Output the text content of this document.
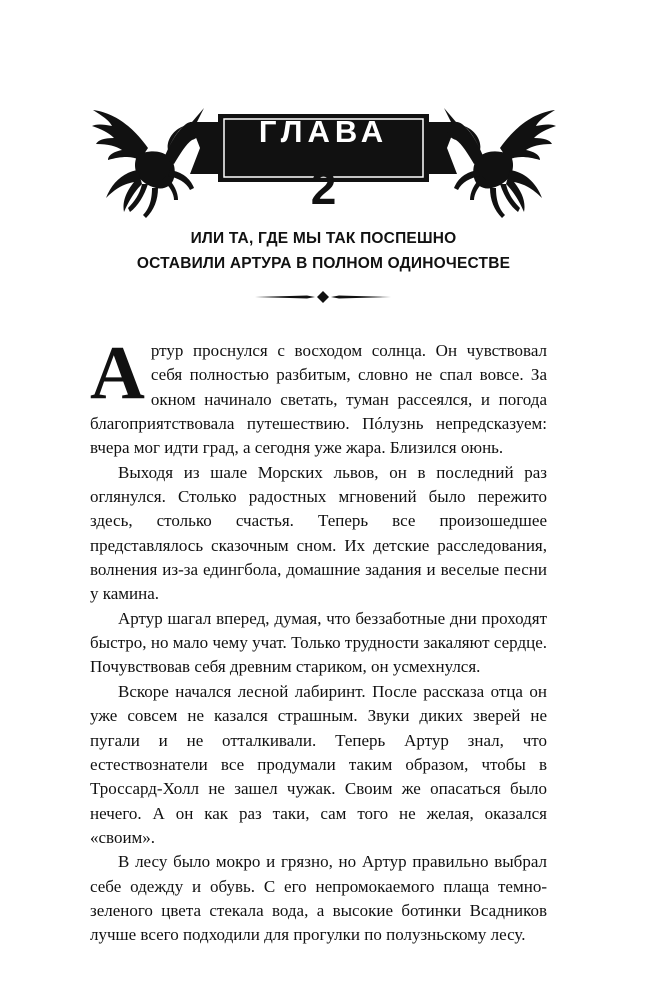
ГЛАВА
2
ИЛИ ТА, ГДЕ МЫ ТАК ПОСПЕШНО
ОСТАВИЛИ АРТУРА В ПОЛНОМ ОДИНОЧЕСТВЕ

Артур проснулся с восходом солнца. Он чувствовал себя полностью разбитым, словно не спал вовсе. За окном начинало светать, туман рассеялся, и погода благоприятствовала путешествию. Пóлузнь непредсказуем: вчера мог идти град, а сегодня уже жара. Близился оюнь.

Выходя из шале Морских львов, он в последний раз оглянулся. Столько радостных мгновений было пережито здесь, столько счастья. Теперь все произошедшее представлялось сказочным сном. Их детские расследования, волнения из-за едингбола, домашние задания и веселые песни у камина.

Артур шагал вперед, думая, что беззаботные дни проходят быстро, но мало чему учат. Только трудности закаляют сердце. Почувствовав себя древним стариком, он усмехнулся.

Вскоре начался лесной лабиринт. После рассказа отца он уже совсем не казался страшным. Звуки диких зверей не пугали и не отталкивали. Теперь Артур знал, что естествознатели все продумали таким образом, чтобы в Троссард-Холл не зашел чужак. Своим же опасаться было нечего. А он как раз таки, сам того не желая, оказался «своим».

В лесу было мокро и грязно, но Артур правильно выбрал себе одежду и обувь. С его непромокаемого плаща темно-зеленого цвета стекала вода, а высокие ботинки Всадников лучше всего подходили для прогулки по полузньскому лесу.
